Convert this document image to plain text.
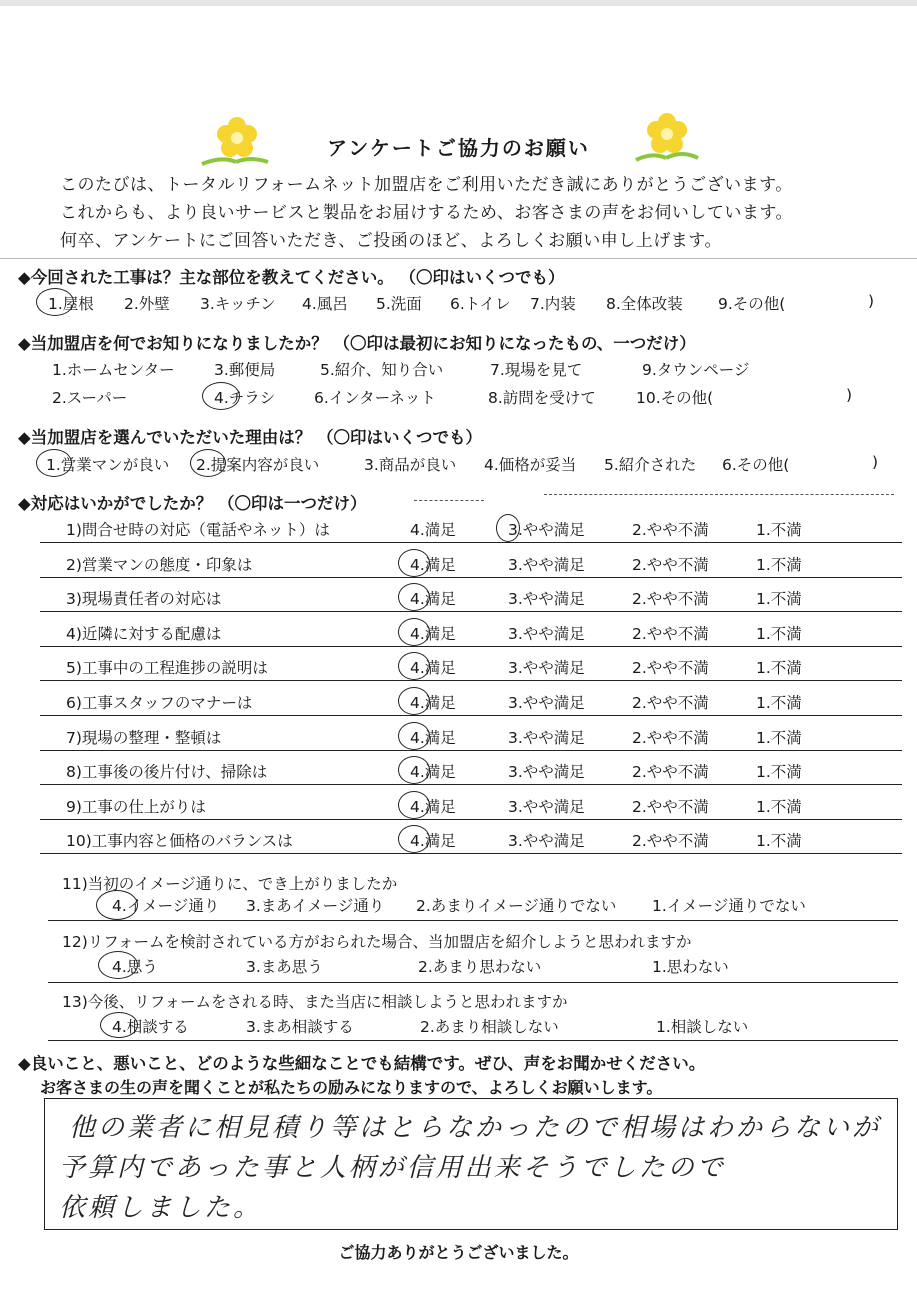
アンケートご協力のお願い
このたびは、トータルリフォームネット加盟店をご利用いただき誠にありがとうございます。
これからも、より良いサービスと製品をお届けするため、お客さまの声をお伺いしています。
何卒、アンケートにご回答いただき、ご投函のほど、よろしくお願い申し上げます。
◆今回された工事は？主な部位を教えてください。 （〇印はいくつでも）
1.屋根 2.外壁 3.キッチン 4.風呂 5.洗面 6.トイレ 7.内装 8.全体改装 9.その他(	)
◆当加盟店を何でお知りになりましたか？ （〇印は最初にお知りになったもの、一つだけ）
1.ホームセンター	3.郵便局	5.紹介、知り合い	7.現場を見て	9.タウンページ
2.スーパー	4.チラシ 6.インターネット	8.訪問を受けて	10.その他(	)
◆当加盟店を選んでいただいた理由は？ （〇印はいくつでも）
1.営業マンが良い 2.提案内容が良い	3.商品が良い 4.価格が妥当 5.紹介された 6.その他(	)
◆対応はいかがでしたか？ （〇印は一つだけ）
1)問合せ時の対応（電話やネット）は	4.満足	3.やや満足	2.やや不満	1.不満
2)営業マンの態度・印象は	4.満足	3.やや満足	2.やや不満	1.不満
3)現場責任者の対応は	4.満足	3.やや満足	2.やや不満	1.不満
4)近隣に対する配慮は	4.満足	3.やや満足	2.やや不満	1.不満
5)工事中の工程進捗の説明は	4.満足	3.やや満足	2.やや不満	1.不満
6)工事スタッフのマナーは	4.満足	3.やや満足	2.やや不満	1.不満
7)現場の整理・整頓は	4.満足	3.やや満足	2.やや不満	1.不満
8)工事後の後片付け、掃除は	4.満足	3.やや満足	2.やや不満	1.不満
9)工事の仕上がりは	4.満足	3.やや満足	2.やや不満	1.不満
10)工事内容と価格のバランスは	4.満足	3.やや満足	2.やや不満	1.不満
11)当初のイメージ通りに、でき上がりましたか
4.イメージ通り 3.まあイメージ通り 2.あまりイメージ通りでない 1.イメージ通りでない
12)リフォームを検討されている方がおられた場合、当加盟店を紹介しようと思われますか
4.思う	3.まあ思う	2.あまり思わない	1.思わない
13)今後、リフォームをされる時、また当店に相談しようと思われますか
4.相談する	3.まあ相談する	2.あまり相談しない	1.相談しない
◆良いこと、悪いこと、どのような些細なことでも結構です。ぜひ、声をお聞かせください。
お客さまの生の声を聞くことが私たちの励みになりますので、よろしくお願いします。
他の業者に相見積り等はとらなかったので相場はわからないが
予算内であった事と人柄が信用出来そうでしたので
依頼しました。
ご協力ありがとうございました。
